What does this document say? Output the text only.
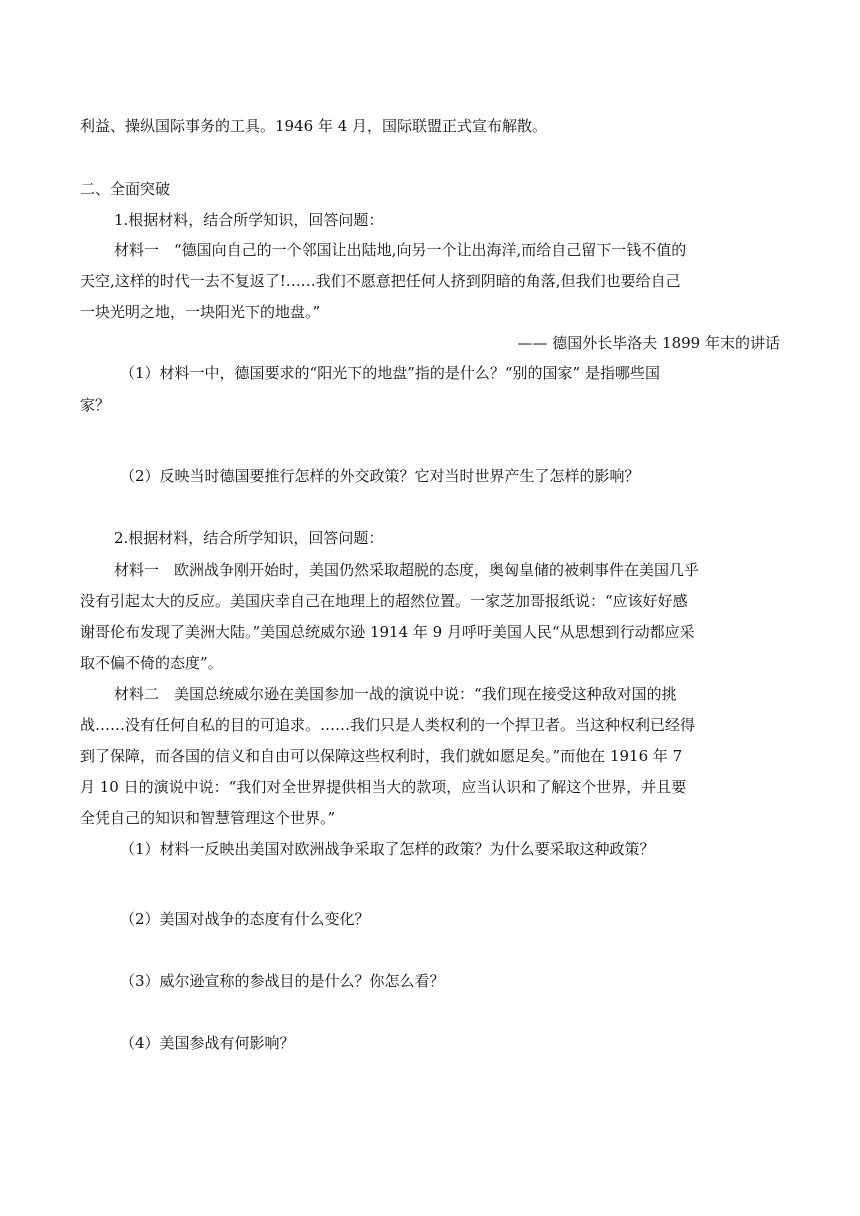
利益、操纵国际事务的工具。1946 年 4 月，国际联盟正式宣布解散。
二、全面突破
1.根据材料，结合所学知识，回答问题：
材料一　“德国向自己的一个邻国让出陆地,向另一个让出海洋,而给自己留下一钱不值的
天空,这样的时代一去不复返了!……我们不愿意把任何人挤到阴暗的角落,但我们也要给自己
一块光明之地，一块阳光下的地盘。”
—— 德国外长毕洛夫 1899 年末的讲话
（1）材料一中，德国要求的“阳光下的地盘”指的是什么？“别的国家” 是指哪些国
家？
（2）反映当时德国要推行怎样的外交政策？它对当时世界产生了怎样的影响？
2.根据材料，结合所学知识，回答问题：
材料一　欧洲战争刚开始时，美国仍然采取超脱的态度，奥匈皇储的被刺事件在美国几乎
没有引起太大的反应。美国庆幸自己在地理上的超然位置。一家芝加哥报纸说：“应该好好感
谢哥伦布发现了美洲大陆。”美国总统威尔逊 1914 年 9 月呼吁美国人民“从思想到行动都应采
取不偏不倚的态度”。
材料二　美国总统威尔逊在美国参加一战的演说中说：“我们现在接受这种敌对国的挑
战……没有任何自私的目的可追求。……我们只是人类权利的一个捍卫者。当这种权利已经得
到了保障，而各国的信义和自由可以保障这些权利时，我们就如愿足矣。”而他在 1916 年 7
月 10 日的演说中说：“我们对全世界提供相当大的款项，应当认识和了解这个世界，并且要
全凭自己的知识和智慧管理这个世界。”
（1）材料一反映出美国对欧洲战争采取了怎样的政策？为什么要采取这种政策？
（2）美国对战争的态度有什么变化？
（3）威尔逊宣称的参战目的是什么？你怎么看？
（4）美国参战有何影响？
